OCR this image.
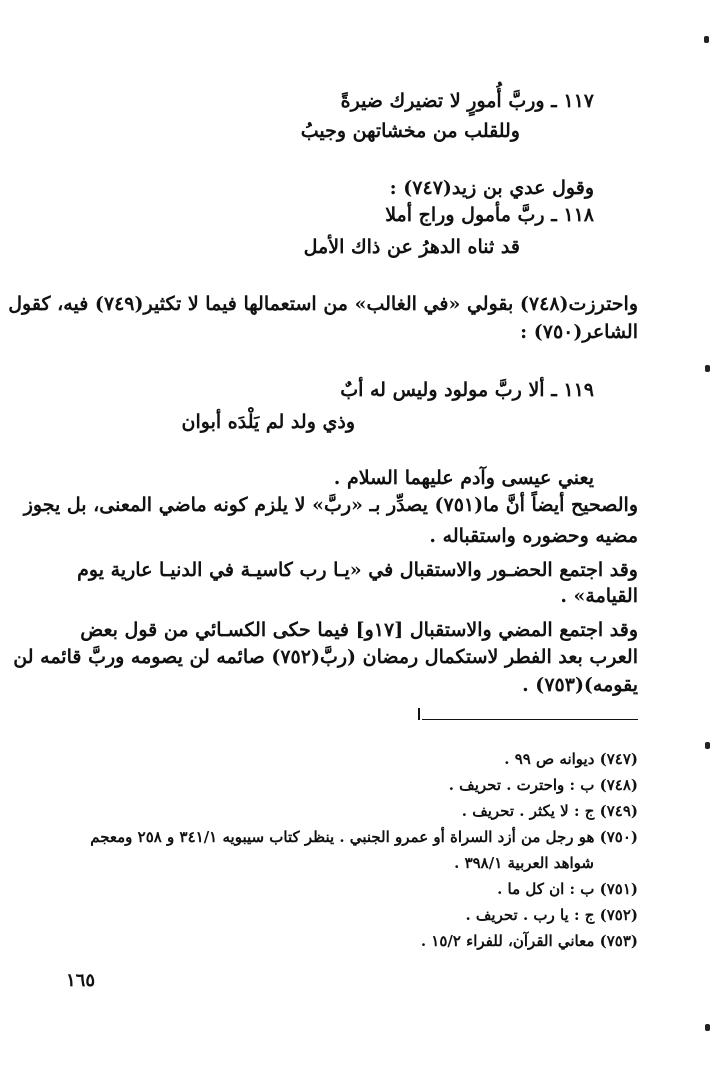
١١٧ ـ وربَّ أُمورٍ لا تضيرك ضيرةً
وللقلب من مخشاتهن وجيبُ
وقول عدي بن زيد(٧٤٧) :
١١٨ ـ ربَّ مأمول وراج أملا
قد ثناه الدهرُ عن ذاك الأمل
واحترزت(٧٤٨) بقولي «في الغالب» من استعمالها فيما لا تكثير(٧٤٩) فيه، كقول
الشاعر(٧٥٠) :
١١٩ ـ ألا ربَّ مولود وليس له أبٌ
وذي ولد لم يَلْدَه أبوان
يعني عيسى وآدم عليهما السلام .
والصحيح أيضاً أنَّ ما(٧٥١) يصدِّر بـ «ربَّ» لا يلزم كونه ماضي المعنى، بل يجوز
مضيه وحضوره واستقباله .
وقد اجتمع الحضـور والاستقبال في «يـا رب كاسيـة في الدنيـا عارية يوم
القيامة» .
وقد اجتمع المضي والاستقبال [١٧و] فيما حكى الكسـائي من قول بعض
العرب بعد الفطر لاستكمال رمضان (ربَّ(٧٥٢) صائمه لن يصومه وربَّ قائمه لن
يقومه)(٧٥٣) .
(٧٤٧) ديوانه ص ٩٩ .
(٧٤٨) ب : واحترت . تحريف .
(٧٤٩) ج : لا يكثر . تحريف .
(٧٥٠) هو رجل من أزد السراة أو عمرو الجنبي . ينظر كتاب سيبويه ٣٤١/١ و ٢٥٨ ومعجم
شواهد العربية ٣٩٨/١ .
(٧٥١) ب : ان كل ما .
(٧٥٢) ج : يا رب . تحريف .
(٧٥٣) معاني القرآن، للفراء ١٥/٢ .
١٦٥
